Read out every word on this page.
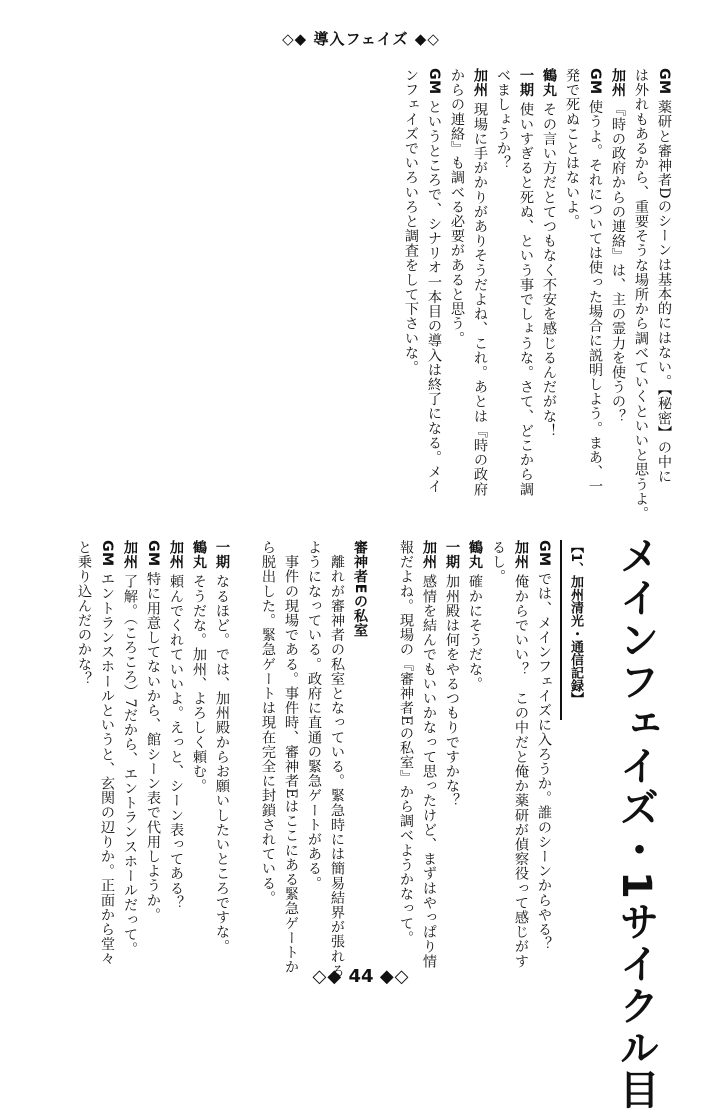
◇◆ 導入フェイズ ◆◇
GM薬研と審神者Dのシーンは基本的にはない。【秘密】の中に
は外れもあるから、重要そうな場所から調べていくといいと思うよ。
加州『時の政府からの連絡』は、主の霊力を使うの？
GM使うよ。それについては使った場合に説明しよう。まあ、一
発で死ぬことはないよ。
鶴丸その言い方だとてつもなく不安を感じるんだがな！
一期使いすぎると死ぬ、という事でしょうな。さて、どこから調
べましょうか？
加州現場に手がかりがありそうだよね、これ。あとは『時の政府
からの連絡』も調べる必要があると思う。
GMというところで、シナリオ一本目の導入は終了になる。メイ
ンフェイズでいろいろと調査をして下さいな。
メインフェイズ・1サイクル目
【1、加州清光・通信記録】
GMでは、メインフェイズに入ろうか。誰のシーンからやる？
加州俺からでいい？　この中だと俺か薬研が偵察役って感じがす
るし。
鶴丸確かにそうだな。
一期加州殿は何をやるつもりですかな？
加州感情を結んでもいいかなって思ったけど、まずはやっぱり情
報だよね。現場の『審神者Eの私室』から調べようかなって。
審神者Eの私室
　離れが審神者の私室となっている。緊急時には簡易結界が張れる
ようになっている。政府に直通の緊急ゲートがある。
　事件の現場である。事件時、審神者Eはここにある緊急ゲートか
ら脱出した。緊急ゲートは現在完全に封鎖されている。
一期なるほど。では、加州殿からお願いしたいところですな。
鶴丸そうだな。加州、よろしく頼む。
加州頼んでくれていいよ。えっと、シーン表ってある？
GM特に用意してないから、館シーン表で代用しようか。
加州了解。（ころころ）7だから、エントランスホールだって。
GMエントランスホールというと、玄関の辺りか。正面から堂々
と乗り込んだのかな？
◇◆ 44 ◆◇
